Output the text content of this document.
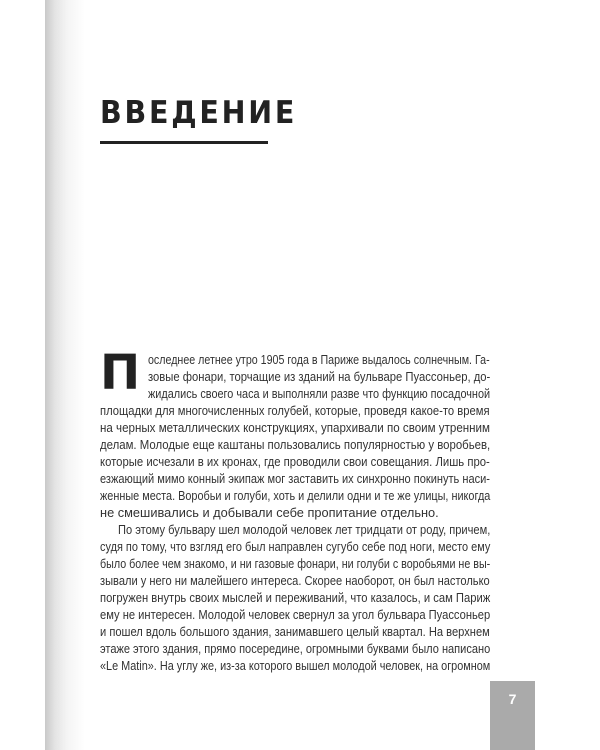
ВВЕДЕНИЕ
П оследнее летнее утро 1905 года в Париже выдалось солнечным. Га-

зовые фонари, торчащие из зданий на бульваре Пуассоньер, до-

жидались своего часа и выполняли разве что функцию посадочной

площадки для многочисленных голубей, которые, проведя какое-то время

на черных металлических конструкциях, упархивали по своим утренним

делам. Молодые еще каштаны пользовались популярностью у воробьев,

которые исчезали в их кронах, где проводили свои совещания. Лишь про-

езжающий мимо конный экипаж мог заставить их синхронно покинуть наси-

женные места. Воробьи и голуби, хоть и делили одни и те же улицы, никогда

не смешивались и добывали себе пропитание отдельно.

По этому бульвару шел молодой человек лет тридцати от роду, причем,

судя по тому, что взгляд его был направлен сугубо себе под ноги, место ему

было более чем знакомо, и ни газовые фонари, ни голуби с воробьями не вы-

зывали у него ни малейшего интереса. Скорее наоборот, он был настолько

погружен внутрь своих мыслей и переживаний, что казалось, и сам Париж

ему не интересен. Молодой человек свернул за угол бульвара Пуассоньер

и пошел вдоль большого здания, занимавшего целый квартал. На верхнем

этаже этого здания, прямо посередине, огромными буквами было написано

«Le Matin». На углу же, из-за которого вышел молодой человек, на огромном

7
